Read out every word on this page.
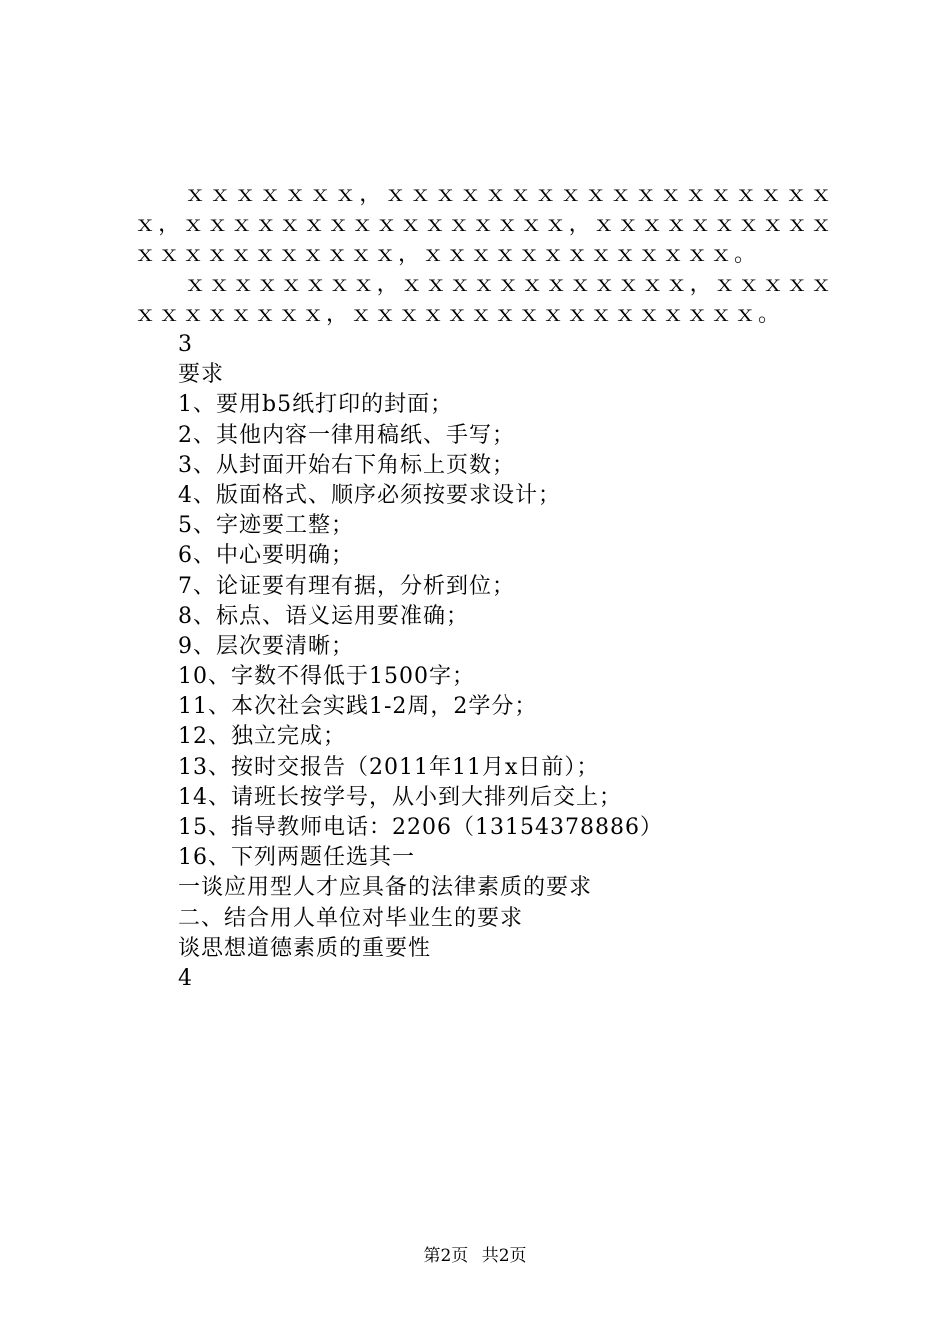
ｘｘｘｘｘｘｘ，ｘｘｘｘｘｘｘｘｘｘｘｘｘｘｘｘｘｘｘ，ｘｘｘｘｘｘｘｘｘｘｘｘｘｘｘｘ，ｘｘｘｘｘｘｘｘｘｘｘｘｘｘｘｘｘｘｘｘｘ，ｘｘｘｘｘｘｘｘｘｘｘｘｘ。

ｘｘｘｘｘｘｘｘ，ｘｘｘｘｘｘｘｘｘｘｘｘ，ｘｘｘｘｘｘｘｘｘｘｘｘｘ，ｘｘｘｘｘｘｘｘｘｘｘｘｘｘｘｘｘ。

3
要求
1、要用b5纸打印的封面；
2、其他内容一律用稿纸、手写；
3、从封面开始右下角标上页数；
4、版面格式、顺序必须按要求设计；
5、字迹要工整；
6、中心要明确；
7、论证要有理有据，分析到位；
8、标点、语义运用要准确；
9、层次要清晰；
10、字数不得低于1500字；
11、本次社会实践1-2周，2学分；
12、独立完成；
13、按时交报告（2011年11月x日前）；
14、请班长按学号，从小到大排列后交上；
15、指导教师电话：2206（13154378886）
16、下列两题任选其一
一谈应用型人才应具备的法律素质的要求
二、结合用人单位对毕业生的要求
谈思想道德素质的重要性
4
第2页 共2页
